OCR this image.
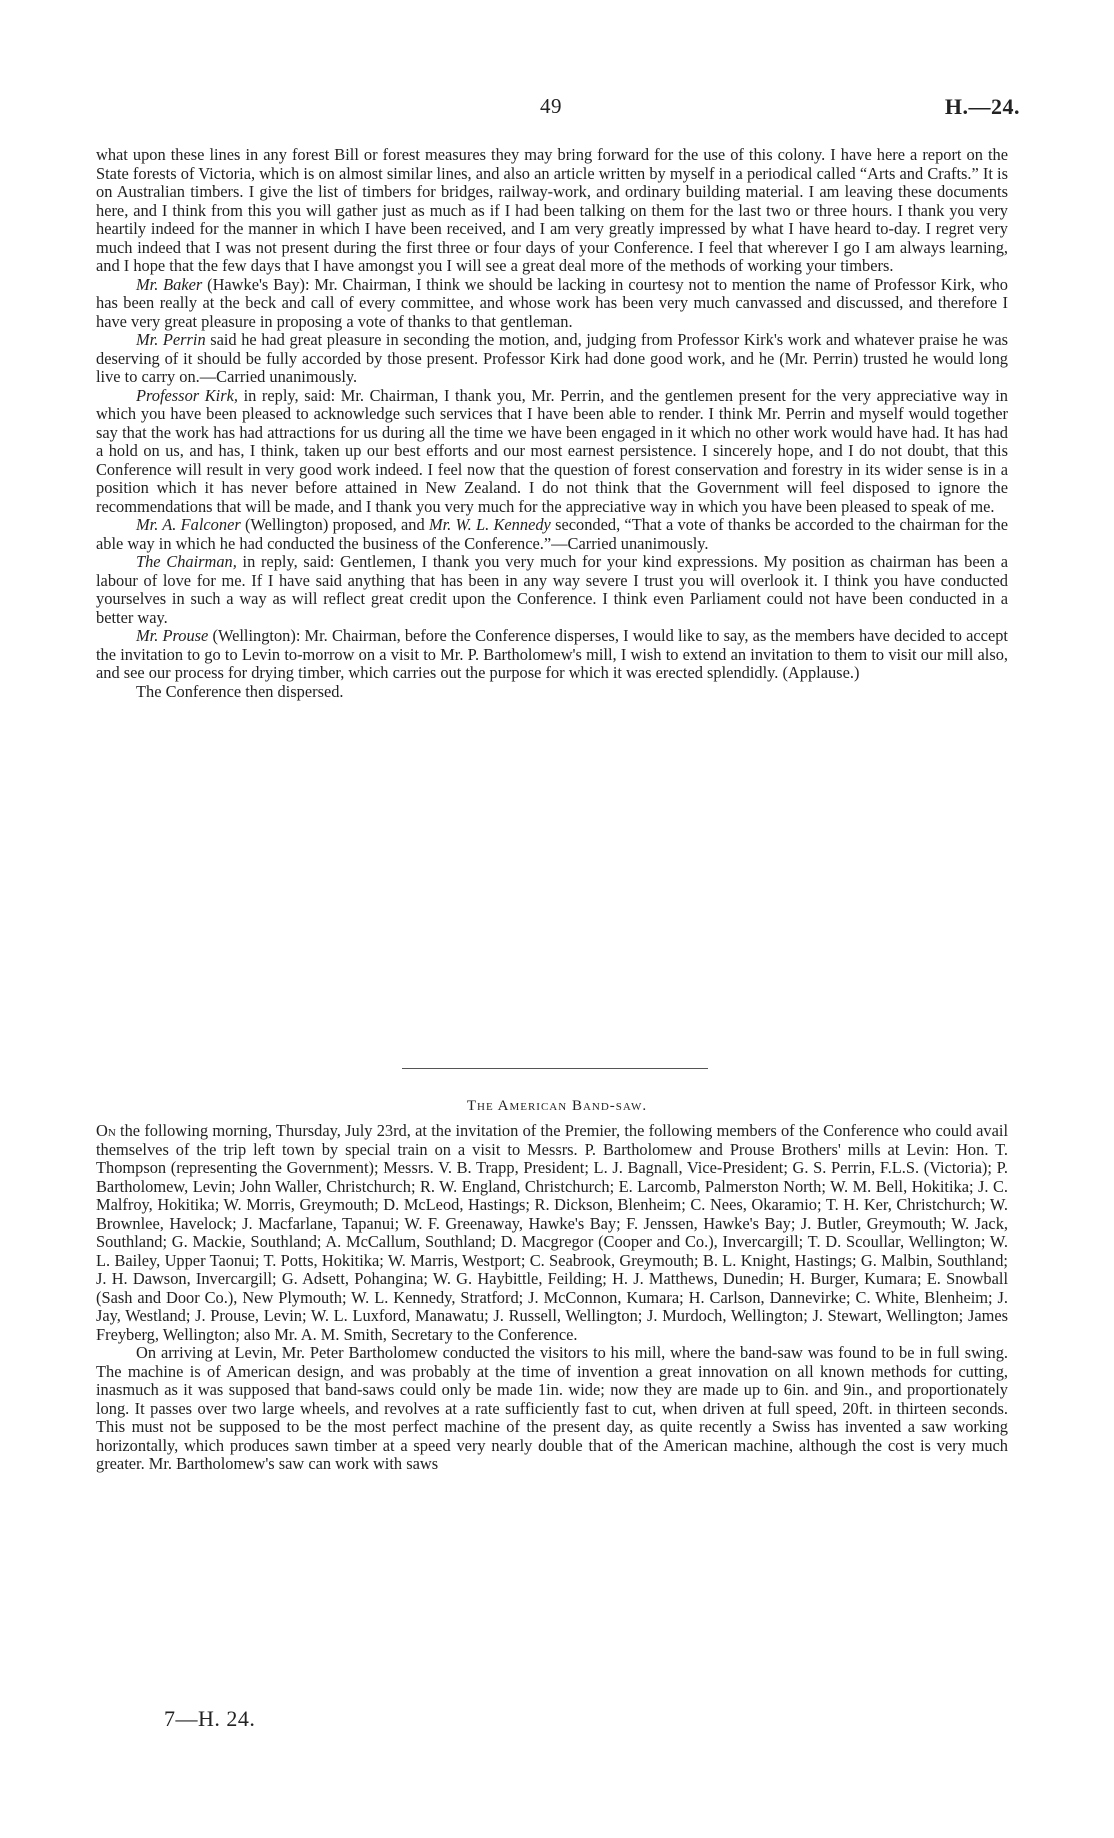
49	H.—24.

what upon these lines in any forest Bill or forest measures they may bring forward for the use of this colony. I have here a report on the State forests of Victoria, which is on almost similar lines, and also an article written by myself in a periodical called “Arts and Crafts.” It is on Australian timbers. I give the list of timbers for bridges, railway-work, and ordinary building material. I am leaving these documents here, and I think from this you will gather just as much as if I had been talking on them for the last two or three hours. I thank you very heartily indeed for the manner in which I have been received, and I am very greatly impressed by what I have heard to-day. I regret very much indeed that I was not present during the first three or four days of your Conference. I feel that wherever I go I am always learning, and I hope that the few days that I have amongst you I will see a great deal more of the methods of working your timbers.

Mr. Baker (Hawke's Bay): Mr. Chairman, I think we should be lacking in courtesy not to mention the name of Professor Kirk, who has been really at the beck and call of every committee, and whose work has been very much canvassed and discussed, and therefore I have very great pleasure in proposing a vote of thanks to that gentleman.

Mr. Perrin said he had great pleasure in seconding the motion, and, judging from Professor Kirk's work and whatever praise he was deserving of it should be fully accorded by those present. Professor Kirk had done good work, and he (Mr. Perrin) trusted he would long live to carry on.—Carried unanimously.

Professor Kirk, in reply, said: Mr. Chairman, I thank you, Mr. Perrin, and the gentlemen present for the very appreciative way in which you have been pleased to acknowledge such services that I have been able to render. I think Mr. Perrin and myself would together say that the work has had attractions for us during all the time we have been engaged in it which no other work would have had. It has had a hold on us, and has, I think, taken up our best efforts and our most earnest persistence. I sincerely hope, and I do not doubt, that this Conference will result in very good work indeed. I feel now that the question of forest conservation and forestry in its wider sense is in a position which it has never before attained in New Zealand. I do not think that the Government will feel disposed to ignore the recommendations that will be made, and I thank you very much for the appreciative way in which you have been pleased to speak of me.

Mr. A. Falconer (Wellington) proposed, and Mr. W. L. Kennedy seconded, “That a vote of thanks be accorded to the chairman for the able way in which he had conducted the business of the Conference.”—Carried unanimously.

The Chairman, in reply, said: Gentlemen, I thank you very much for your kind expressions. My position as chairman has been a labour of love for me. If I have said anything that has been in any way severe I trust you will overlook it. I think you have conducted yourselves in such a way as will reflect great credit upon the Conference. I think even Parliament could not have been conducted in a better way.

Mr. Prouse (Wellington): Mr. Chairman, before the Conference disperses, I would like to say, as the members have decided to accept the invitation to go to Levin to-morrow on a visit to Mr. P. Bartholomew's mill, I wish to extend an invitation to them to visit our mill also, and see our process for drying timber, which carries out the purpose for which it was erected splendidly. (Applause.)

The Conference then dispersed.

The American Band-saw.

On the following morning, Thursday, July 23rd, at the invitation of the Premier, the following members of the Conference who could avail themselves of the trip left town by special train on a visit to Messrs. P. Bartholomew and Prouse Brothers' mills at Levin: Hon. T. Thompson (representing the Government); Messrs. V. B. Trapp, President; L. J. Bagnall, Vice-President; G. S. Perrin, F.L.S. (Victoria); P. Bartholomew, Levin; John Waller, Christchurch; R. W. England, Christchurch; E. Larcomb, Palmerston North; W. M. Bell, Hokitika; J. C. Malfroy, Hokitika; W. Morris, Greymouth; D. McLeod, Hastings; R. Dickson, Blenheim; C. Nees, Okaramio; T. H. Ker, Christchurch; W. Brownlee, Havelock; J. Macfarlane, Tapanui; W. F. Greenaway, Hawke's Bay; F. Jenssen, Hawke's Bay; J. Butler, Greymouth; W. Jack, Southland; G. Mackie, Southland; A. McCallum, Southland; D. Macgregor (Cooper and Co.), Invercargill; T. D. Scoullar, Wellington; W. L. Bailey, Upper Taonui; T. Potts, Hokitika; W. Marris, Westport; C. Seabrook, Greymouth; B. L. Knight, Hastings; G. Malbin, Southland; J. H. Dawson, Invercargill; G. Adsett, Pohangina; W. G. Haybittle, Feilding; H. J. Matthews, Dunedin; H. Burger, Kumara; E. Snowball (Sash and Door Co.), New Plymouth; W. L. Kennedy, Stratford; J. McConnon, Kumara; H. Carlson, Dannevirke; C. White, Blenheim; J. Jay, Westland; J. Prouse, Levin; W. L. Luxford, Manawatu; J. Russell, Wellington; J. Murdoch, Wellington; J. Stewart, Wellington; James Freyberg, Wellington; also Mr. A. M. Smith, Secretary to the Conference.

On arriving at Levin, Mr. Peter Bartholomew conducted the visitors to his mill, where the band-saw was found to be in full swing. The machine is of American design, and was probably at the time of invention a great innovation on all known methods for cutting, inasmuch as it was supposed that band-saws could only be made 1in. wide; now they are made up to 6in. and 9in., and proportionately long. It passes over two large wheels, and revolves at a rate sufficiently fast to cut, when driven at full speed, 20ft. in thirteen seconds. This must not be supposed to be the most perfect machine of the present day, as quite recently a Swiss has invented a saw working horizontally, which produces sawn timber at a speed very nearly double that of the American machine, although the cost is very much greater. Mr. Bartholomew's saw can work with saws

7—H. 24.
